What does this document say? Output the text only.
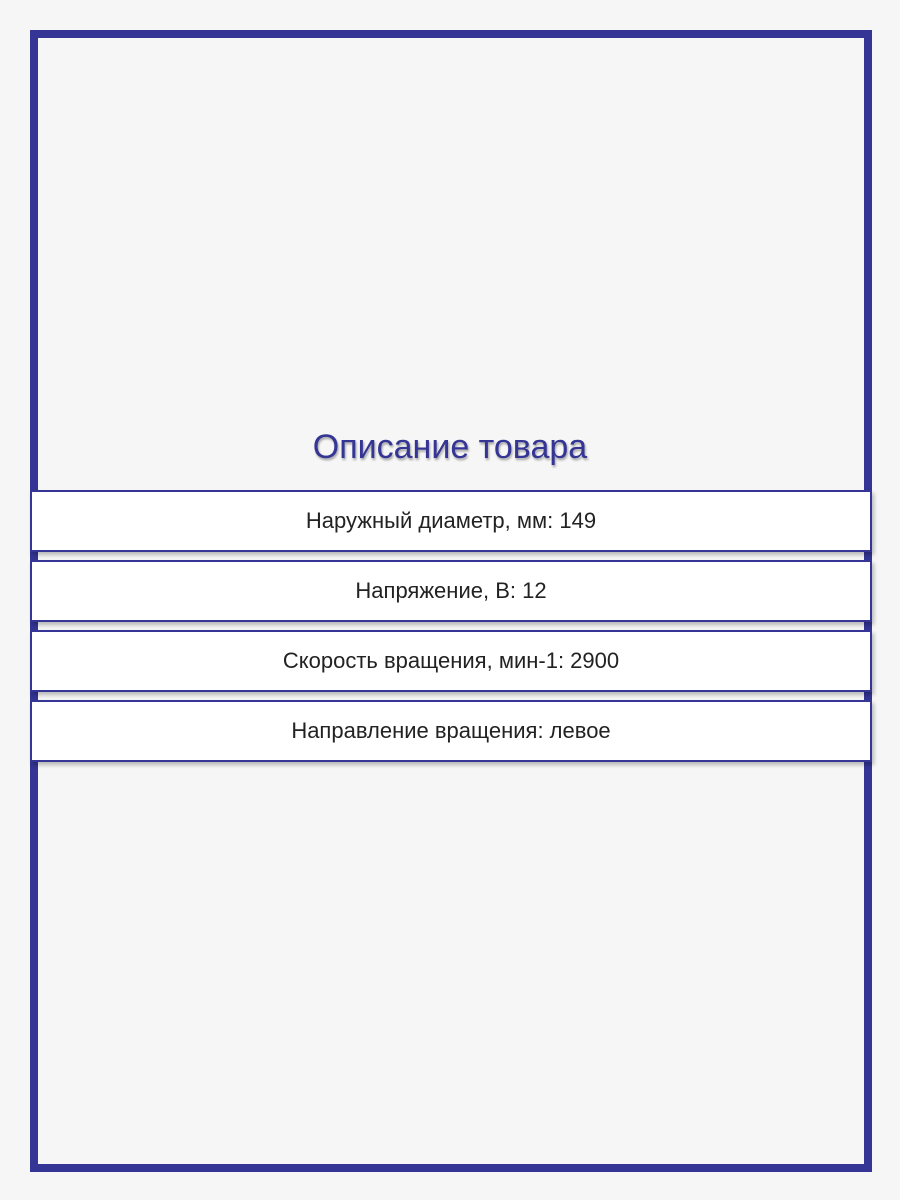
Описание товара
Наружный диаметр, мм: 149
Напряжение, В: 12
Скорость вращения, мин-1: 2900
Направление вращения: левое
